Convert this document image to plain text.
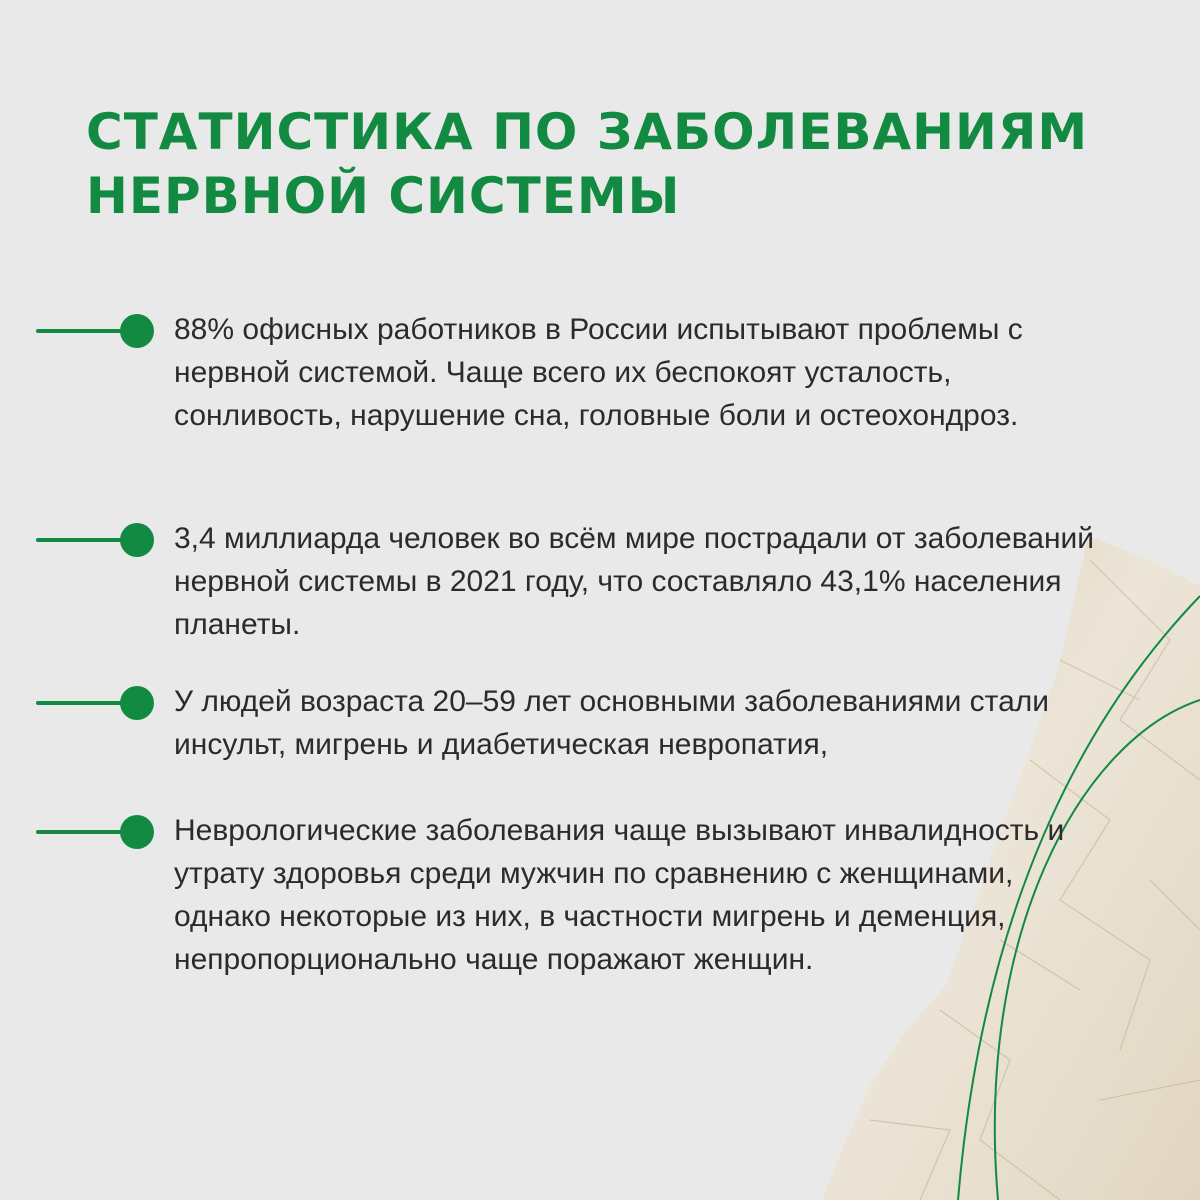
СТАТИСТИКА ПО ЗАБОЛЕВАНИЯМ
НЕРВНОЙ СИСТЕМЫ

88% офисных работников в России испытывают проблемы с нервной системой. Чаще всего их беспокоят усталость, сонливость, нарушение сна, головные боли и остеохондроз.

3,4 миллиарда человек во всём мире пострадали от заболеваний нервной системы в 2021 году, что составляло 43,1% населения планеты.

У людей возраста 20–59 лет основными заболеваниями стали инсульт, мигрень и диабетическая невропатия,

Неврологические заболевания чаще вызывают инвалидность и утрату здоровья среди мужчин по сравнению с женщинами, однако некоторые из них, в частности мигрень и деменция, непропорционально чаще поражают женщин.
